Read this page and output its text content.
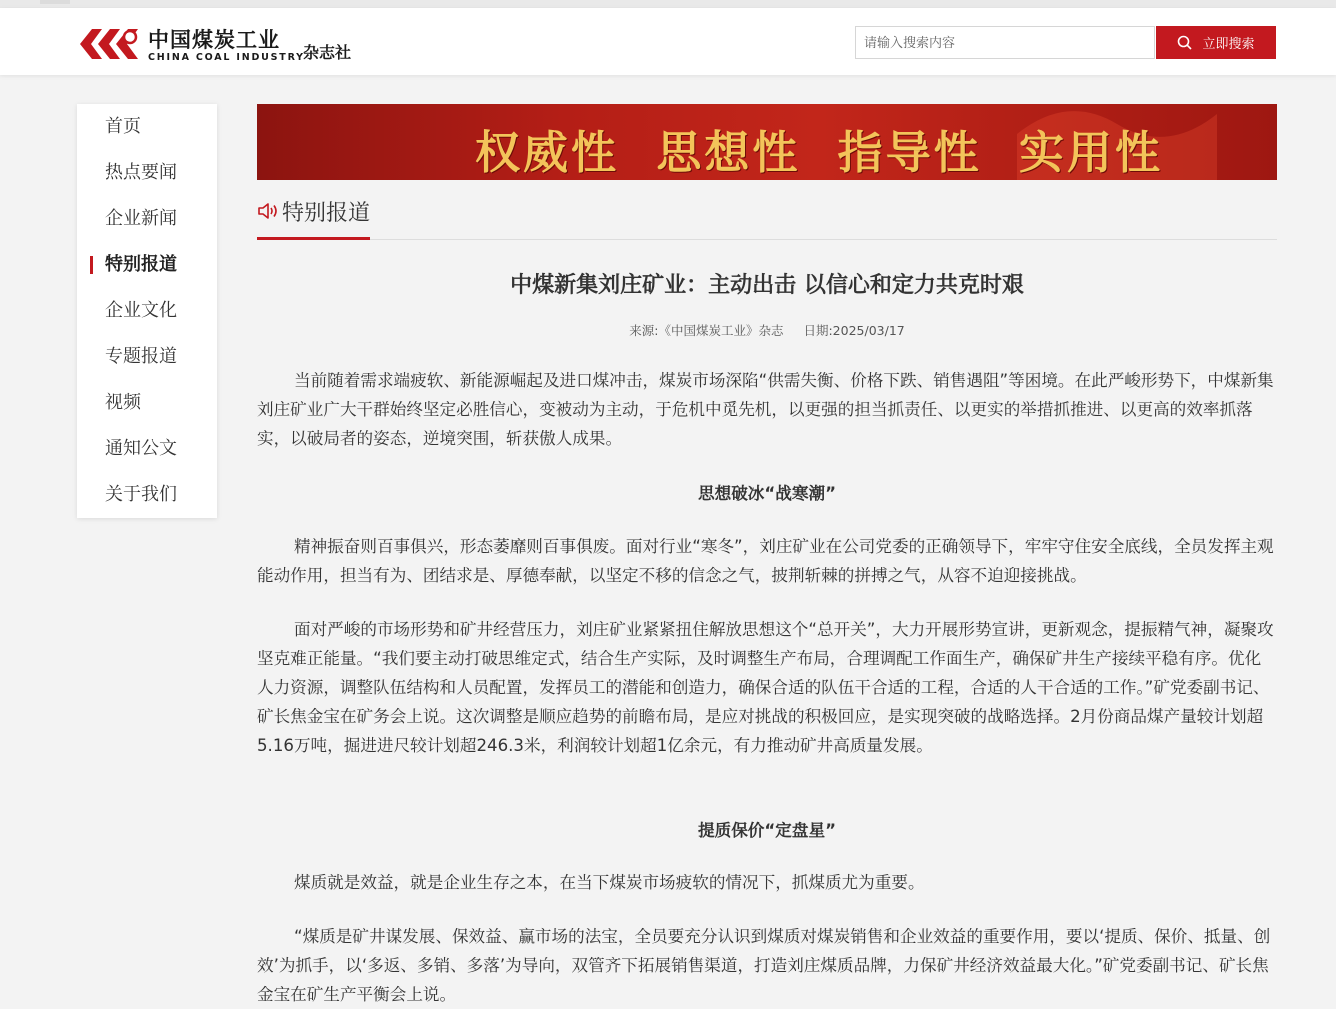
中国煤炭工业
CHINA COAL INDUSTRY
杂志社
请输入搜索内容	立即搜索
首页
热点要闻
企业新闻
特别报道
企业文化
专题报道
视频
通知公文
关于我们
权威性  思想性  指导性  实用性
特别报道
中煤新集刘庄矿业：主动出击 以信心和定力共克时艰
来源:《中国煤炭工业》杂志 日期:2025/03/17
当前随着需求端疲软、新能源崛起及进口煤冲击，煤炭市场深陷“供需失衡、价格下跌、销售遇阻”等困境。在此严峻形势下，中煤新集刘庄矿业广大干群始终坚定必胜信心，变被动为主动，于危机中觅先机，以更强的担当抓责任、以更实的举措抓推进、以更高的效率抓落实，以破局者的姿态，逆境突围，斩获傲人成果。
思想破冰“战寒潮”
精神振奋则百事俱兴，形态萎靡则百事俱废。面对行业“寒冬”，刘庄矿业在公司党委的正确领导下，牢牢守住安全底线，全员发挥主观能动作用，担当有为、团结求是、厚德奉献，以坚定不移的信念之气，披荆斩棘的拼搏之气，从容不迫迎接挑战。
面对严峻的市场形势和矿井经营压力，刘庄矿业紧紧扭住解放思想这个“总开关”，大力开展形势宣讲，更新观念，提振精气神，凝聚攻坚克难正能量。“我们要主动打破思维定式，结合生产实际，及时调整生产布局，合理调配工作面生产，确保矿井生产接续平稳有序。优化人力资源，调整队伍结构和人员配置，发挥员工的潜能和创造力，确保合适的队伍干合适的工程，合适的人干合适的工作。”矿党委副书记、矿长焦金宝在矿务会上说。这次调整是顺应趋势的前瞻布局，是应对挑战的积极回应，是实现突破的战略选择。2月份商品煤产量较计划超5.16万吨，掘进进尺较计划超246.3米，利润较计划超1亿余元，有力推动矿井高质量发展。
提质保价“定盘星”
煤质就是效益，就是企业生存之本，在当下煤炭市场疲软的情况下，抓煤质尤为重要。
“煤质是矿井谋发展、保效益、赢市场的法宝，全员要充分认识到煤质对煤炭销售和企业效益的重要作用，要以‘提质、保价、抵量、创效’为抓手，以‘多返、多销、多落’为导向，双管齐下拓展销售渠道，打造刘庄煤质品牌，力保矿井经济效益最大化。”矿党委副书记、矿长焦金宝在矿生产平衡会上说。
